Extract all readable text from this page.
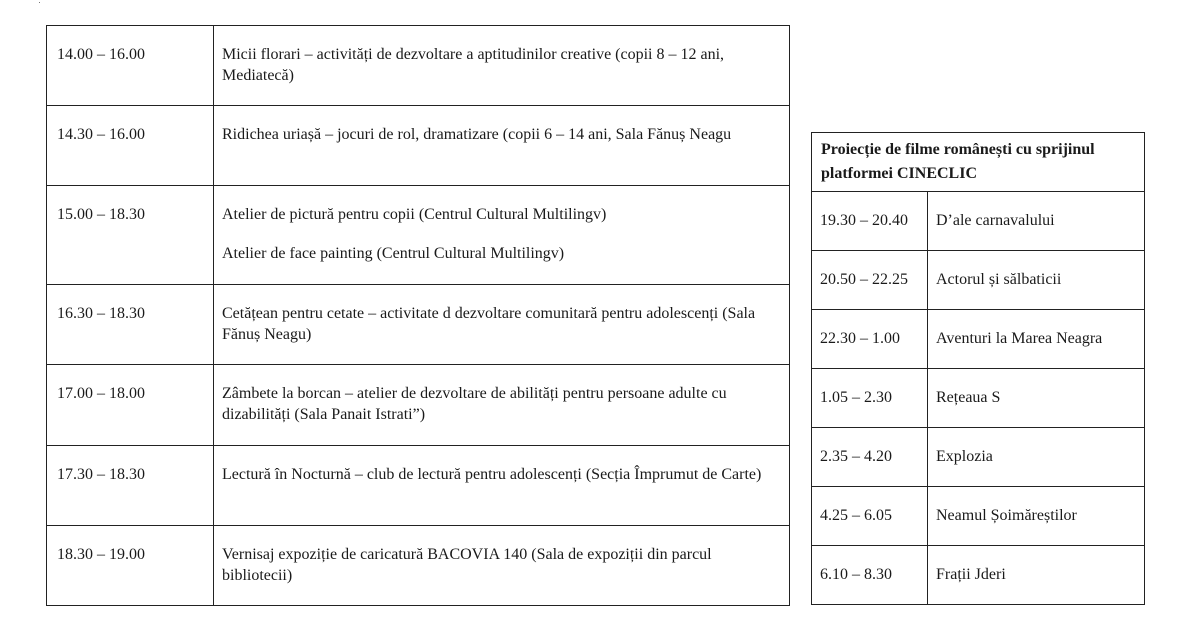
14.00 – 16.00	Micii florari – activități de dezvoltare a aptitudinilor creative (copii 8 – 12 ani, Mediatecă)
14.30 – 16.00	Ridichea uriașă – jocuri de rol, dramatizare (copii 6 – 14 ani, Sala Fănuș Neagu
15.00 – 18.30	Atelier de pictură pentru copii (Centrul Cultural Multilingv)
Atelier de face painting (Centrul Cultural Multilingv)

16.30 – 18.30	Cetățean pentru cetate – activitate d dezvoltare comunitară pentru adolescenți (Sala Fănuș Neagu)
17.00 – 18.00	Zâmbete la borcan – atelier de dezvoltare de abilități pentru persoane adulte cu dizabilități (Sala Panait Istrati”)
17.30 – 18.30	Lectură în Nocturnă – club de lectură pentru adolescenți (Secția Împrumut de Carte)
18.30 – 19.00	Vernisaj expoziție de caricatură BACOVIA 140 (Sala de expoziții din parcul bibliotecii)
Proiecție de filme românești cu sprijinul platformei CINECLIC	
19.30 – 20.40	D’ale carnavalului
20.50 – 22.25	Actorul și sălbaticii
22.30 – 1.00	Aventuri la Marea Neagra
1.05 – 2.30	Rețeaua S
2.35 – 4.20	Explozia
4.25 – 6.05	Neamul Șoimăreștilor
6.10 – 8.30	Frații Jderi
